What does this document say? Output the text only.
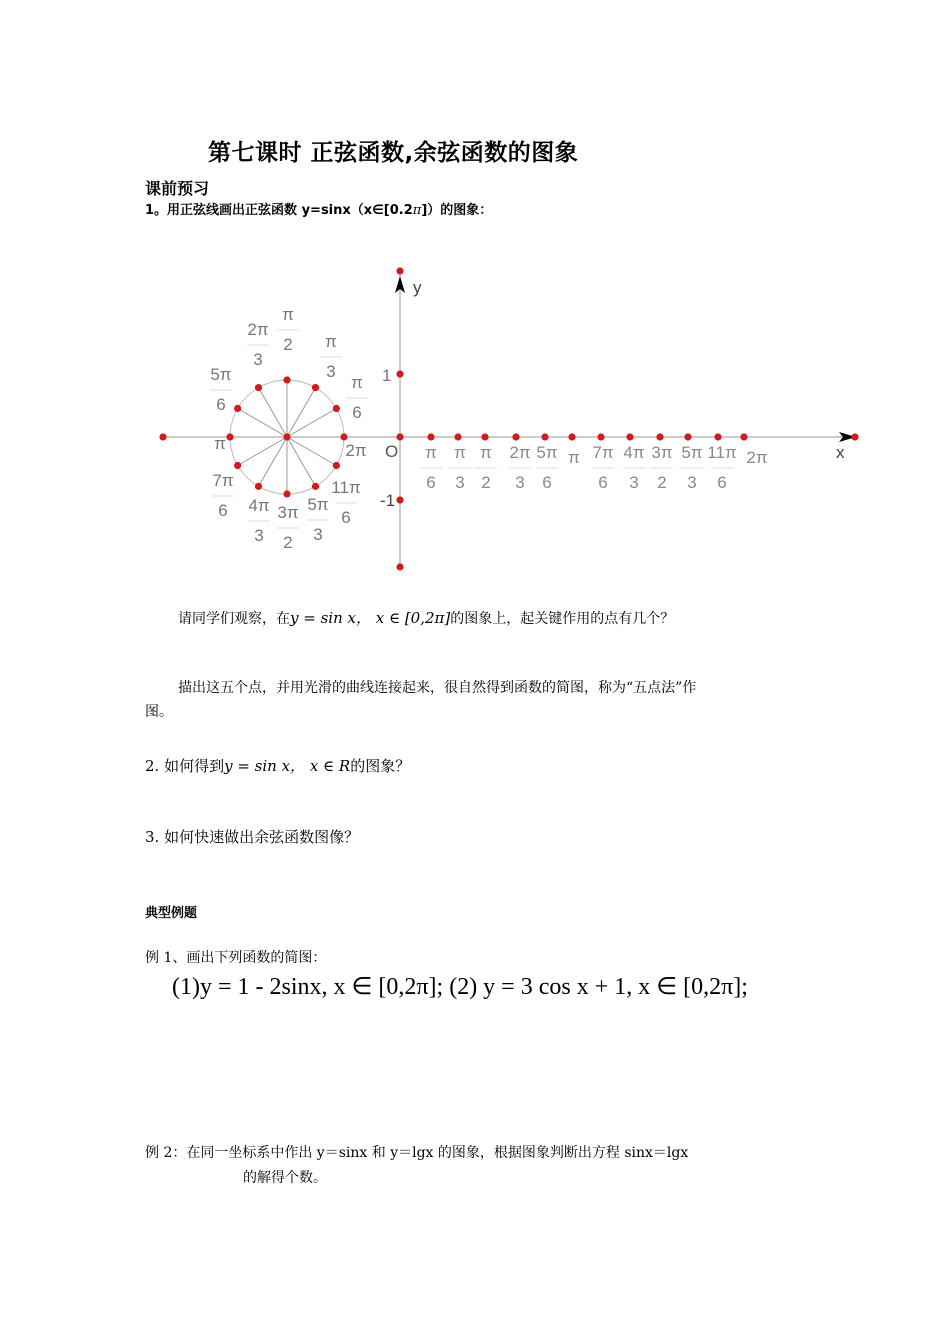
第七课时 正弦函数,余弦函数的图象
课前预习
1。用正弦线画出正弦函数 y=sinx（x∈[0.2π]）的图象：
π
2 π
3
π
6
2π
3
5π
6
π	2π
7π
6 4π
3
3π
2
5π
3
11π
6
π
6
π
3
π
2
2π
3
5π
6
π 7π
6
4π
3
3π
2
5π
3
11π
6
2π
y
x
O
1
-1
请同学们观察，在y = sin x， x ∈ [0,2π]的图象上，起关键作用的点有几个？
描出这五个点，并用光滑的曲线连接起来，很自然得到函数的简图，称为“五点法”作
图。
2. 如何得到y = sin x， x ∈ R的图象？
3. 如何快速做出余弦函数图像？
典型例题
例 1、画出下列函数的简图：
(1)y = 1 - 2sinx, x ∈ [0,2π]; (2) y = 3 cos x + 1, x ∈ [0,2π];
例 2：在同一坐标系中作出 y＝sinx 和 y＝lgx 的图象，根据图象判断出方程 sinx＝lgx
的解得个数。
